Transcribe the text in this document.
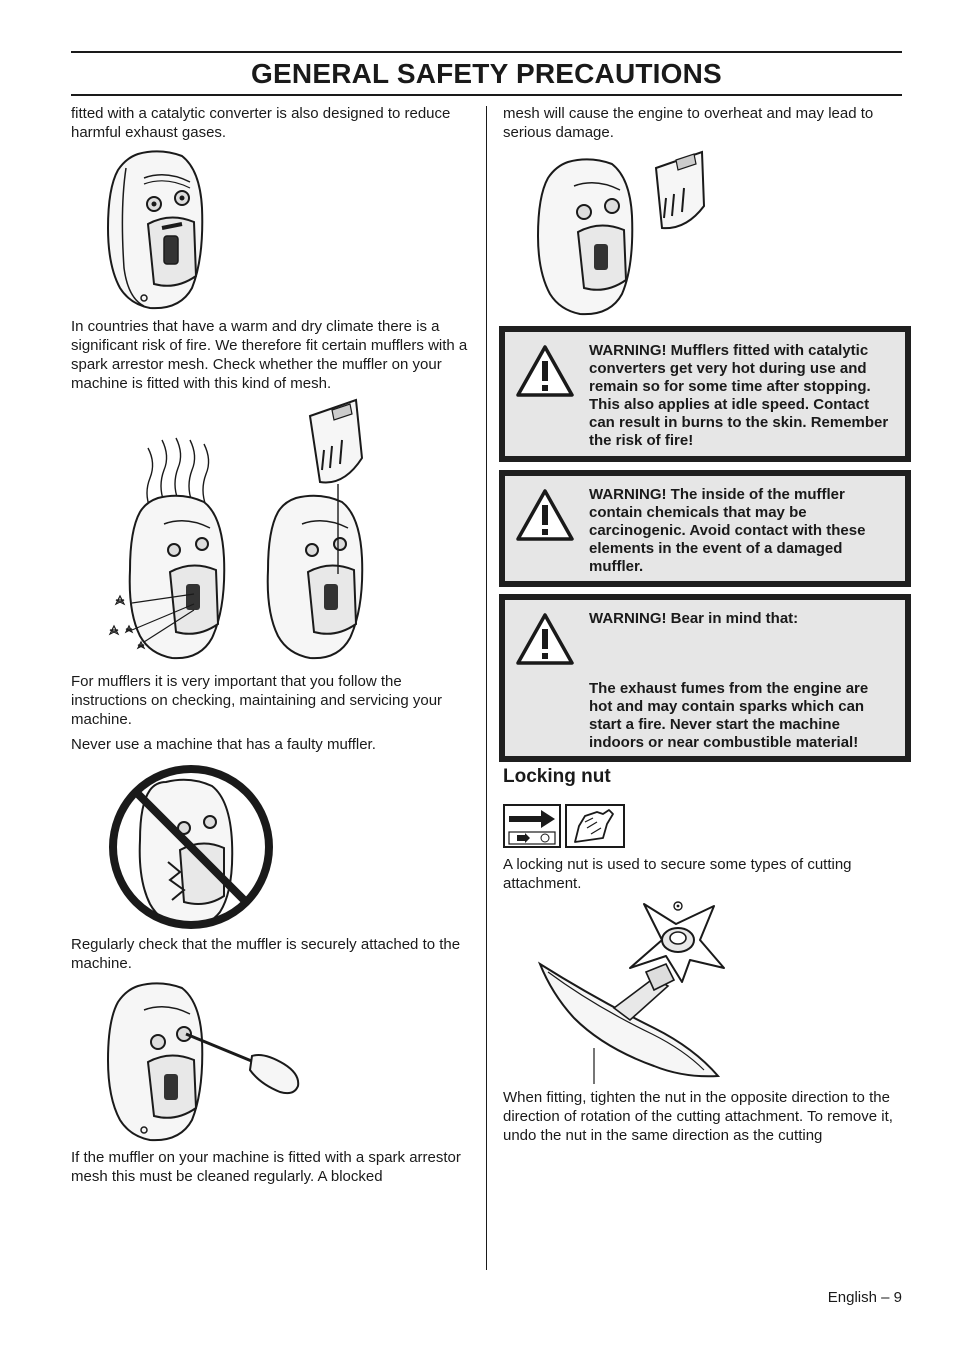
GENERAL SAFETY PRECAUTIONS

fitted with a catalytic converter is also designed to reduce harmful exhaust gases.

In countries that have a warm and dry climate there is a significant risk of fire. We therefore fit certain mufflers with a spark arrestor mesh. Check whether the muffler on your machine is fitted with this kind of mesh.

For mufflers it is very important that you follow the instructions on checking, maintaining and servicing your machine.

Never use a machine that has a faulty muffler.

Regularly check that the muffler is securely attached to the machine.

If the muffler on your machine is fitted with a spark arrestor mesh this must be cleaned regularly. A blocked

mesh will cause the engine to overheat and may lead to serious damage.

WARNING! Mufflers fitted with catalytic converters get very hot during use and remain so for some time after stopping. This also applies at idle speed. Contact can result in burns to the skin. Remember the risk of fire!

WARNING! The inside of the muffler contain chemicals that may be carcinogenic. Avoid contact with these elements in the event of a damaged muffler.

WARNING! Bear in mind that:

The exhaust fumes from the engine are hot and may contain sparks which can start a fire. Never start the machine indoors or near combustible material!

Locking nut

A locking nut is used to secure some types of cutting attachment.

When fitting, tighten the nut in the opposite direction to the direction of rotation of the cutting attachment. To remove it, undo the nut in the same direction as the cutting

English – 9
